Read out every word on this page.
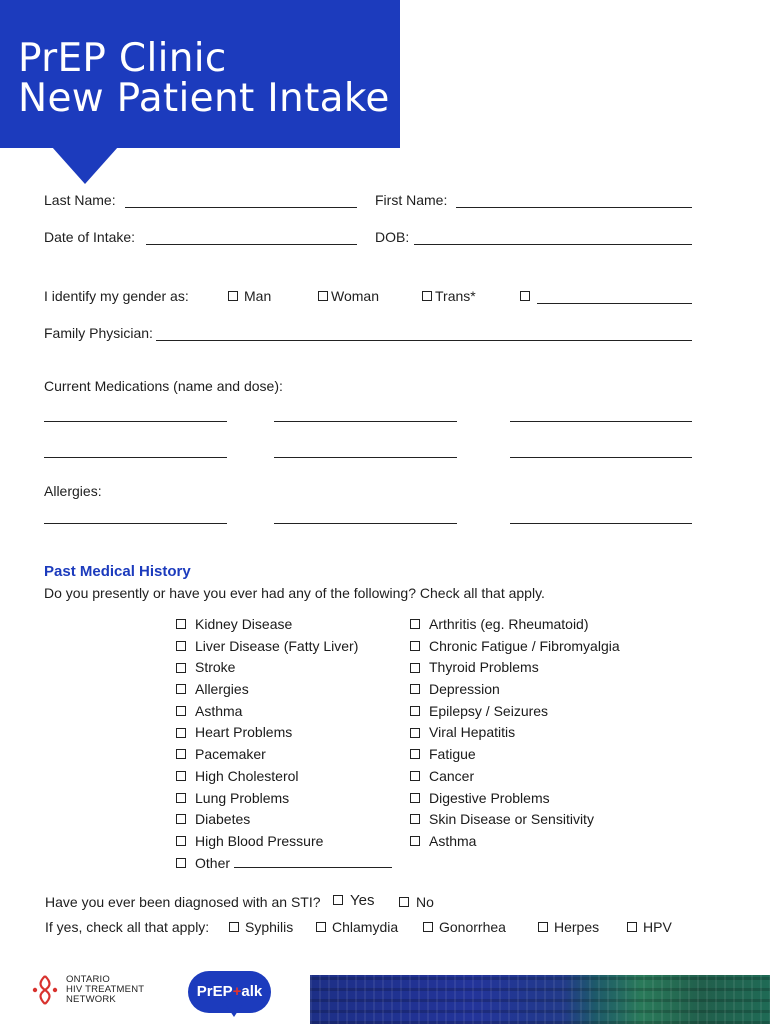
PrEP Clinic
New Patient Intake
Last Name:	First Name:
Date of Intake:	DOB:
I identify my gender as:	Man	Woman	Trans*
Family Physician:
Current Medications (name and dose):
Allergies:
Past Medical History
Do you presently or have you ever had any of the following? Check all that apply.
Kidney Disease
Liver Disease (Fatty Liver)
Stroke
Allergies
Asthma
Heart Problems
Pacemaker
High Cholesterol
Lung Problems
Diabetes
High Blood Pressure
Other
Arthritis (eg. Rheumatoid)
Chronic Fatigue / Fibromyalgia
Thyroid Problems
Depression
Epilepsy / Seizures
Viral Hepatitis
Fatigue
Cancer
Digestive Problems
Skin Disease or Sensitivity
Asthma
Have you ever been diagnosed with an STI?	Yes	No
If yes, check all that apply:	Syphilis	Chlamydia	Gonorrhea	Herpes	HPV
ONTARIO
HIV TREATMENT
NETWORK	PrEP+alk
